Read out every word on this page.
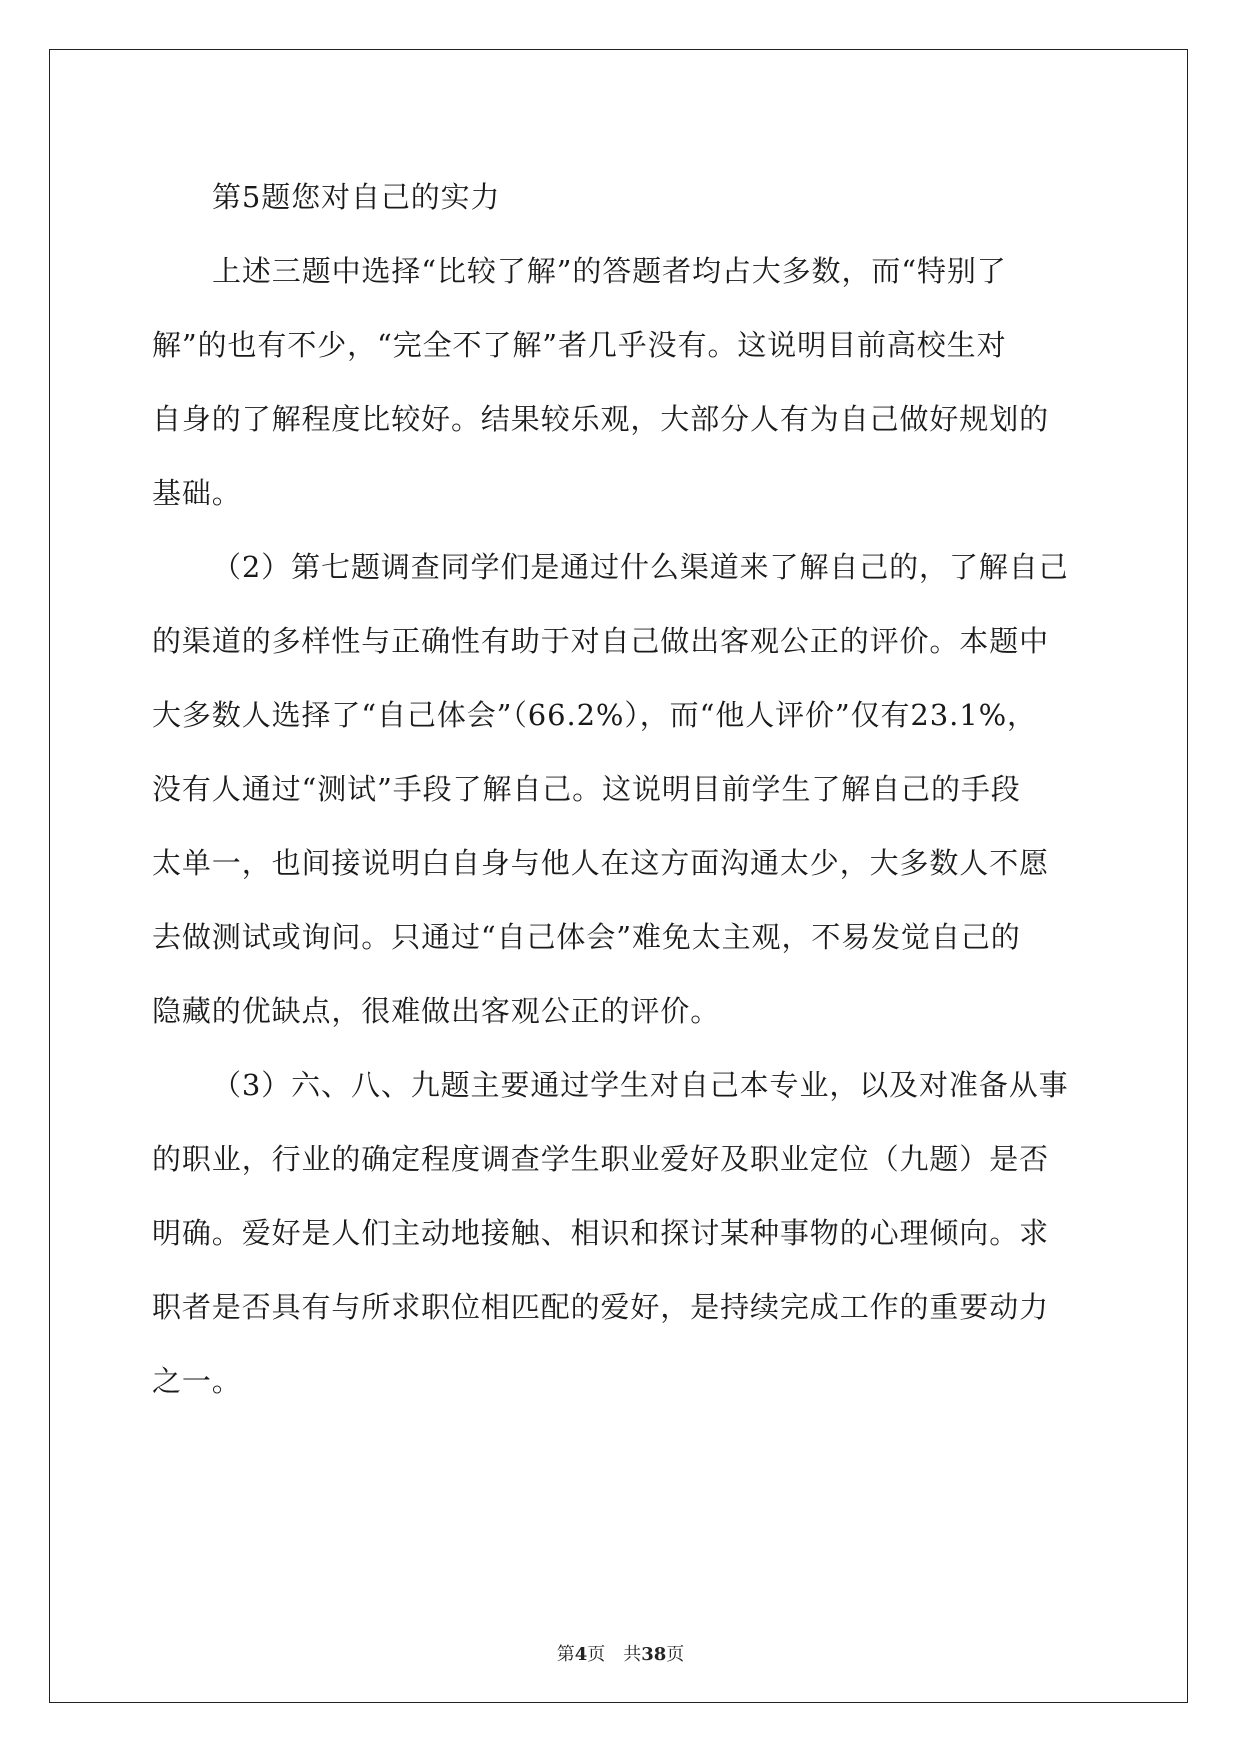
第5题您对自己的实力
上述三题中选择“比较了解”的答题者均占大多数，而“特别了
解”的也有不少，“完全不了解”者几乎没有。这说明目前高校生对
自身的了解程度比较好。结果较乐观，大部分人有为自己做好规划的
基础。
（2）第七题调查同学们是通过什么渠道来了解自己的，了解自己
的渠道的多样性与正确性有助于对自己做出客观公正的评价。本题中
大多数人选择了“自己体会”（66.2%），而“他人评价”仅有23.1%，
没有人通过“测试”手段了解自己。这说明目前学生了解自己的手段
太单一，也间接说明白自身与他人在这方面沟通太少，大多数人不愿
去做测试或询问。只通过“自己体会”难免太主观，不易发觉自己的
隐藏的优缺点，很难做出客观公正的评价。
（3）六、八、九题主要通过学生对自己本专业，以及对准备从事
的职业，行业的确定程度调查学生职业爱好及职业定位（九题）是否
明确。爱好是人们主动地接触、相识和探讨某种事物的心理倾向。求
职者是否具有与所求职位相匹配的爱好，是持续完成工作的重要动力
之一。
第4页　共38页
